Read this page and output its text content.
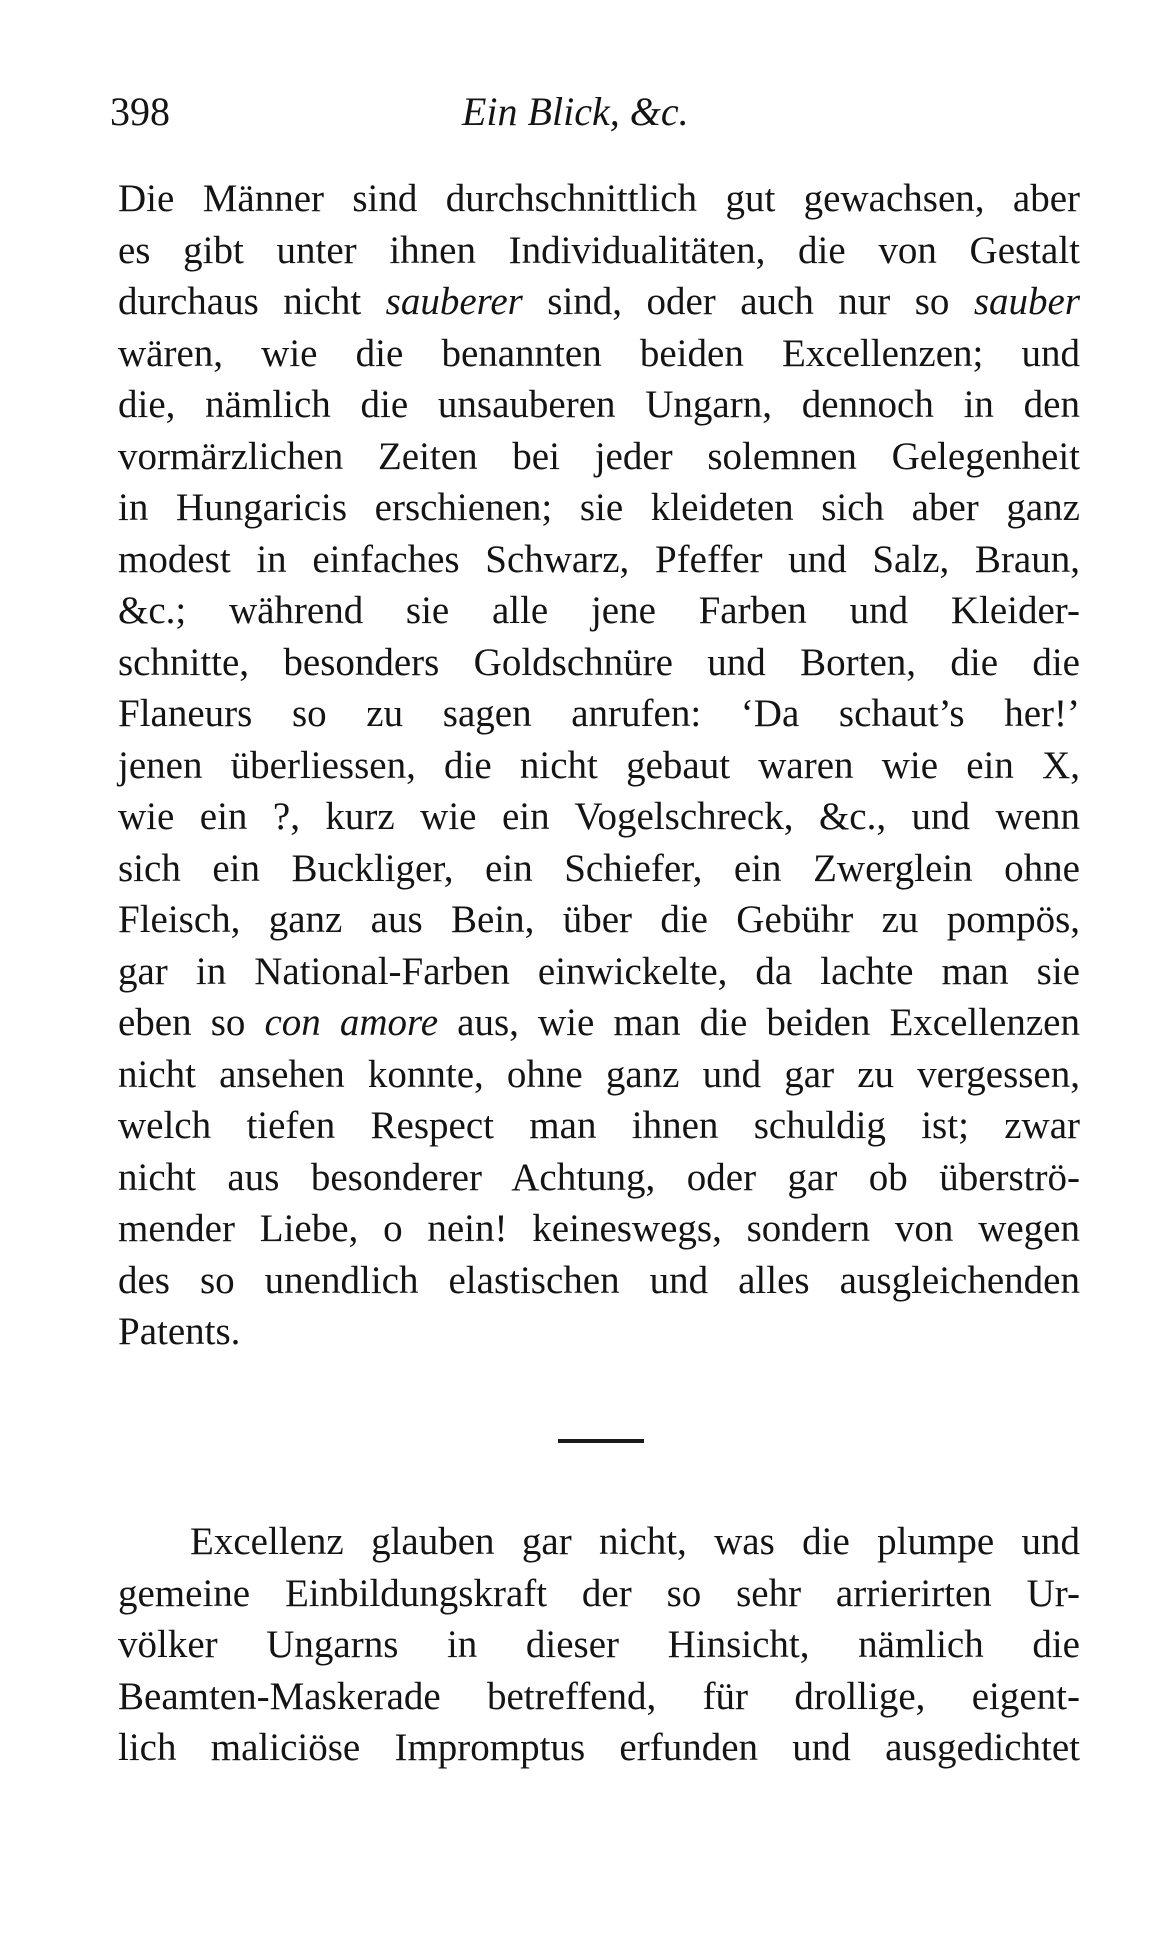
398	Ein Blick, &c.
Die Männer sind durchschnittlich gut gewachsen, aber
es gibt unter ihnen Individualitäten, die von Gestalt
durchaus nicht sauberer sind, oder auch nur so sauber
wären, wie die benannten beiden Excellenzen; und
die, nämlich die unsauberen Ungarn, dennoch in den
vormärzlichen Zeiten bei jeder solemnen Gelegenheit
in Hungaricis erschienen; sie kleideten sich aber ganz
modest in einfaches Schwarz, Pfeffer und Salz, Braun,
&c.; während sie alle jene Farben und Kleider-
schnitte, besonders Goldschnüre und Borten, die die
Flaneurs so zu sagen anrufen: ‘Da schaut’s her!’
jenen überliessen, die nicht gebaut waren wie ein X,
wie ein ?, kurz wie ein Vogelschreck, &c., und wenn
sich ein Buckliger, ein Schiefer, ein Zwerglein ohne
Fleisch, ganz aus Bein, über die Gebühr zu pompös,
gar in National-Farben einwickelte, da lachte man sie
eben so con amore aus, wie man die beiden Excellenzen
nicht ansehen konnte, ohne ganz und gar zu vergessen,
welch tiefen Respect man ihnen schuldig ist; zwar
nicht aus besonderer Achtung, oder gar ob überströ-
mender Liebe, o nein! keineswegs, sondern von wegen
des so unendlich elastischen und alles ausgleichenden
Patents.
Excellenz glauben gar nicht, was die plumpe und
gemeine Einbildungskraft der so sehr arrierirten Ur-
völker Ungarns in dieser Hinsicht, nämlich die
Beamten-Maskerade betreffend, für drollige, eigent-
lich maliciöse Impromptus erfunden und ausgedichtet
